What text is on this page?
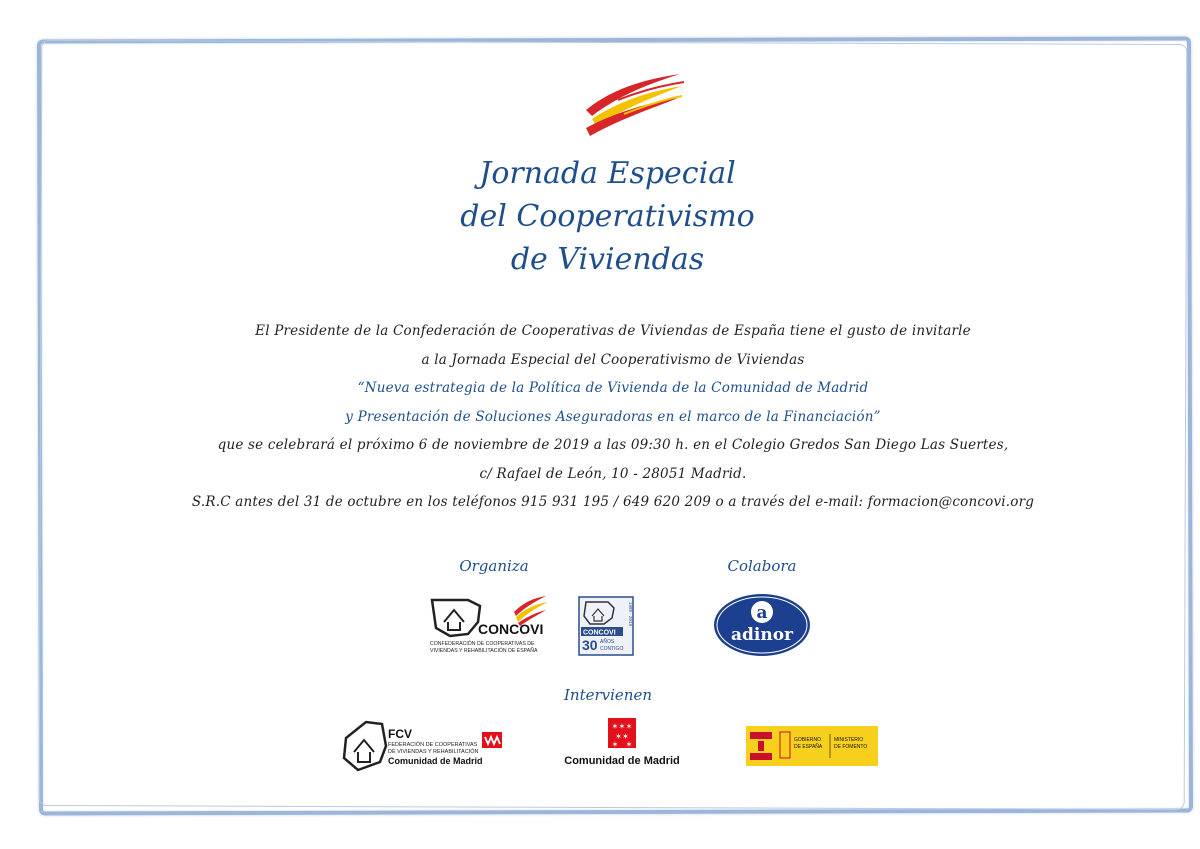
Jornada Especial
del Cooperativismo
de Viviendas
El Presidente de la Confederación de Cooperativas de Viviendas de España tiene el gusto de invitarle
a la Jornada Especial del Cooperativismo de Viviendas
“Nueva estrategia de la Política de Vivienda de la Comunidad de Madrid
y Presentación de Soluciones Aseguradoras en el marco de la Financiación”
que se celebrará el próximo 6 de noviembre de 2019 a las 09:30 h. en el Colegio Gredos San Diego Las Suertes,
c/ Rafael de León, 10 - 28051 Madrid.
S.R.C antes del 31 de octubre en los teléfonos 915 931 195 / 649 620 209 o a través del e-mail: formacion@concovi.org
Organiza	Colabora
Intervienen
CONCOVI
CONFEDERACIÓN DE COOPERATIVAS DE
VIVIENDAS Y REHABILITACIÓN DE ESPAÑA
CONCOVI
30 AÑOS
CONTIGO
1989 · 2019	a
adinor
FCV
FEDERACIÓN DE COOPERATIVAS
DE VIVIENDAS Y REHABILITACIÓN
Comunidad de Madrid
✶ ✶ ✶
✶ ✶
✶ ✶
Comunidad de Madrid
GOBIERNO
DE ESPAÑA
MINISTERIO
DE FOMENTO
